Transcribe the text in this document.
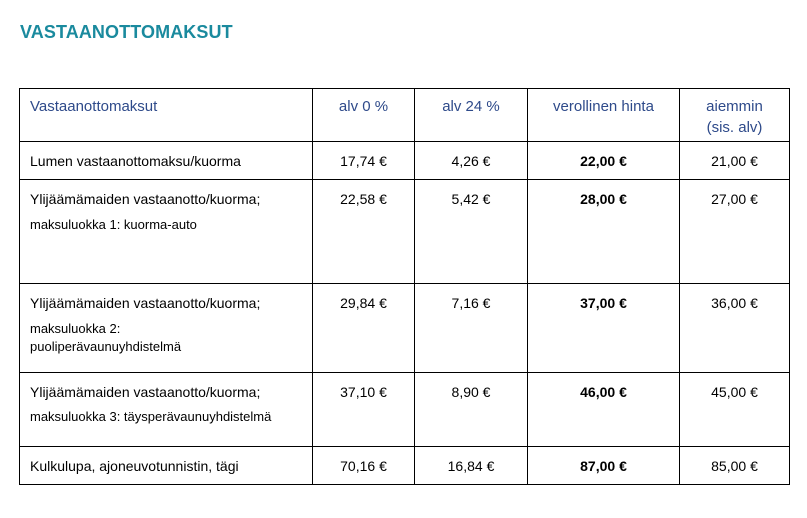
VASTAANOTTOMAKSUT
Vastaanottomaksut	alv 0 %	alv 24 %	verollinen hinta	aiemmin
(sis. alv)

Lumen vastaanottomaksu/kuorma	17,74 €	4,26 €	22,00 €	21,00 €

Ylijäämämaiden vastaanotto/kuorma;
maksuluokka 1: kuorma-auto	22,58 €	5,42 €	28,00 €	27,00 €

Ylijäämämaiden vastaanotto/kuorma;
maksuluokka 2:
puoliperävaunuyhdistelmä	29,84 €	7,16 €	37,00 €	36,00 €

Ylijäämämaiden vastaanotto/kuorma;
maksuluokka 3: täysperävaunuyhdistelmä	37,10 €	8,90 €	46,00 €	45,00 €

Kulkulupa, ajoneuvotunnistin, tägi	70,16 €	16,84 €	87,00 €	85,00 €
